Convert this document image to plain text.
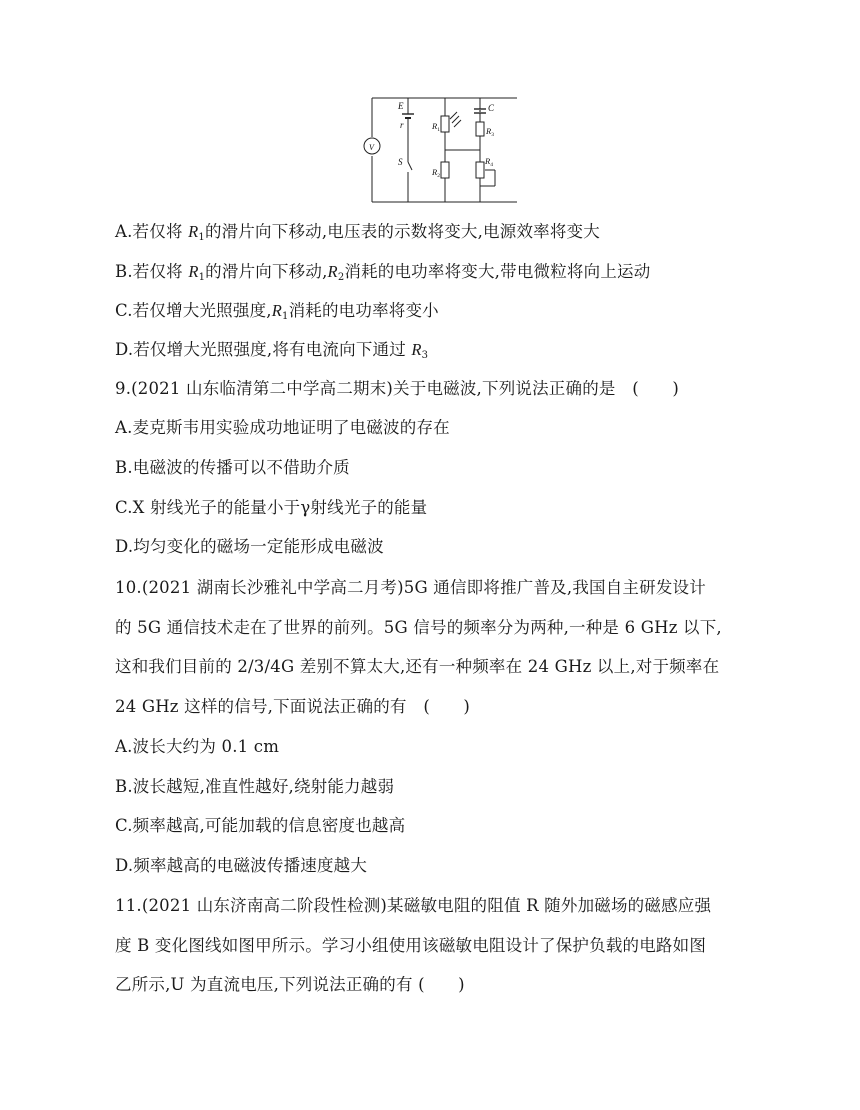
V
E
r
S
C
$R_1$
$R_2$
$R_3$
$R_4$
A.若仅将 $R_1$的滑片向下移动,电压表的示数将变大,电源效率将变大
B.若仅将 $R_1$的滑片向下移动$,R_2$消耗的电功率将变大,带电微粒将向上运动
C.若仅增大光照强度$,R_1$消耗的电功率将变小
D.若仅增大光照强度,将有电流向下通过 $R_3$
9.(2021 山东临清第二中学高二期末)关于电磁波,下列说法正确的是　(　　)
A.麦克斯韦用实验成功地证明了电磁波的存在
B.电磁波的传播可以不借助介质
C.X 射线光子的能量小于γ射线光子的能量
D.均匀变化的磁场一定能形成电磁波
10.(2021 湖南长沙雅礼中学高二月考)5G 通信即将推广普及,我国自主研发设计
的 5G 通信技术走在了世界的前列。5G 信号的频率分为两种,一种是 6 GHz 以下,
这和我们目前的 2/3/4G 差别不算太大,还有一种频率在 24 GHz 以上,对于频率在
24 GHz 这样的信号,下面说法正确的有　(　　)
A.波长大约为 0.1 cm
B.波长越短,准直性越好,绕射能力越弱
C.频率越高,可能加载的信息密度也越高
D.频率越高的电磁波传播速度越大
11.(2021 山东济南高二阶段性检测)某磁敏电阻的阻值 R 随外加磁场的磁感应强
度 B 变化图线如图甲所示。学习小组使用该磁敏电阻设计了保护负载的电路如图
乙所示,U 为直流电压,下列说法正确的有 (　　)
